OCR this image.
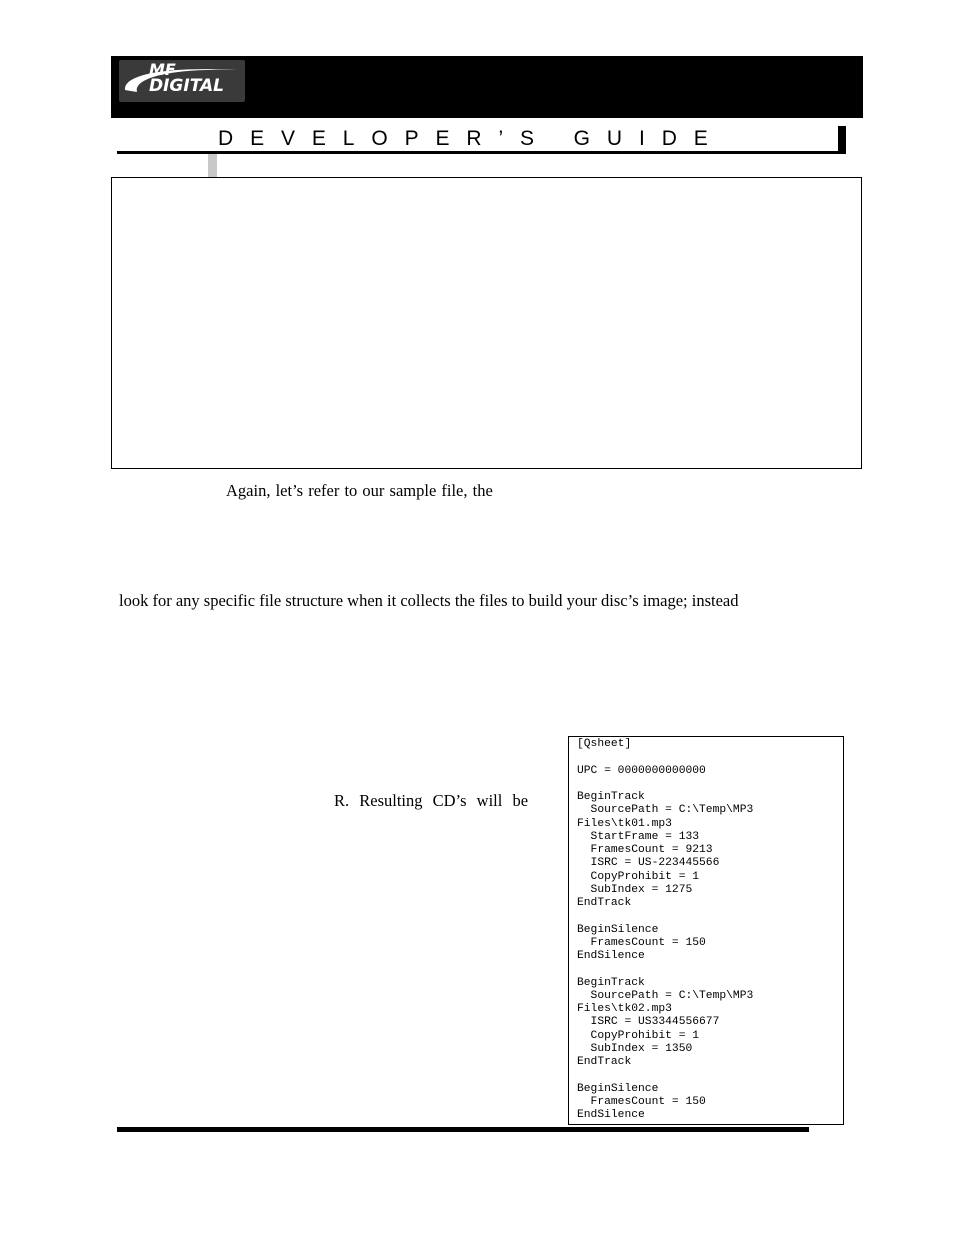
MF
DIGITAL
DEVELOPER’S GUIDE
Again, let’s refer to our sample file, the
look for any specific file structure when it collects the files to build your disc’s image; instead
R. Resulting CD’s will be
[Qsheet]

UPC = 0000000000000

BeginTrack
SourcePath = C:\Temp\MP3
Files\tk01.mp3
StartFrame = 133
FramesCount = 9213
ISRC = US-223445566
CopyProhibit = 1
SubIndex = 1275
EndTrack

BeginSilence
FramesCount = 150
EndSilence

BeginTrack
SourcePath = C:\Temp\MP3
Files\tk02.mp3
ISRC = US3344556677
CopyProhibit = 1
SubIndex = 1350
EndTrack

BeginSilence
FramesCount = 150
EndSilence
